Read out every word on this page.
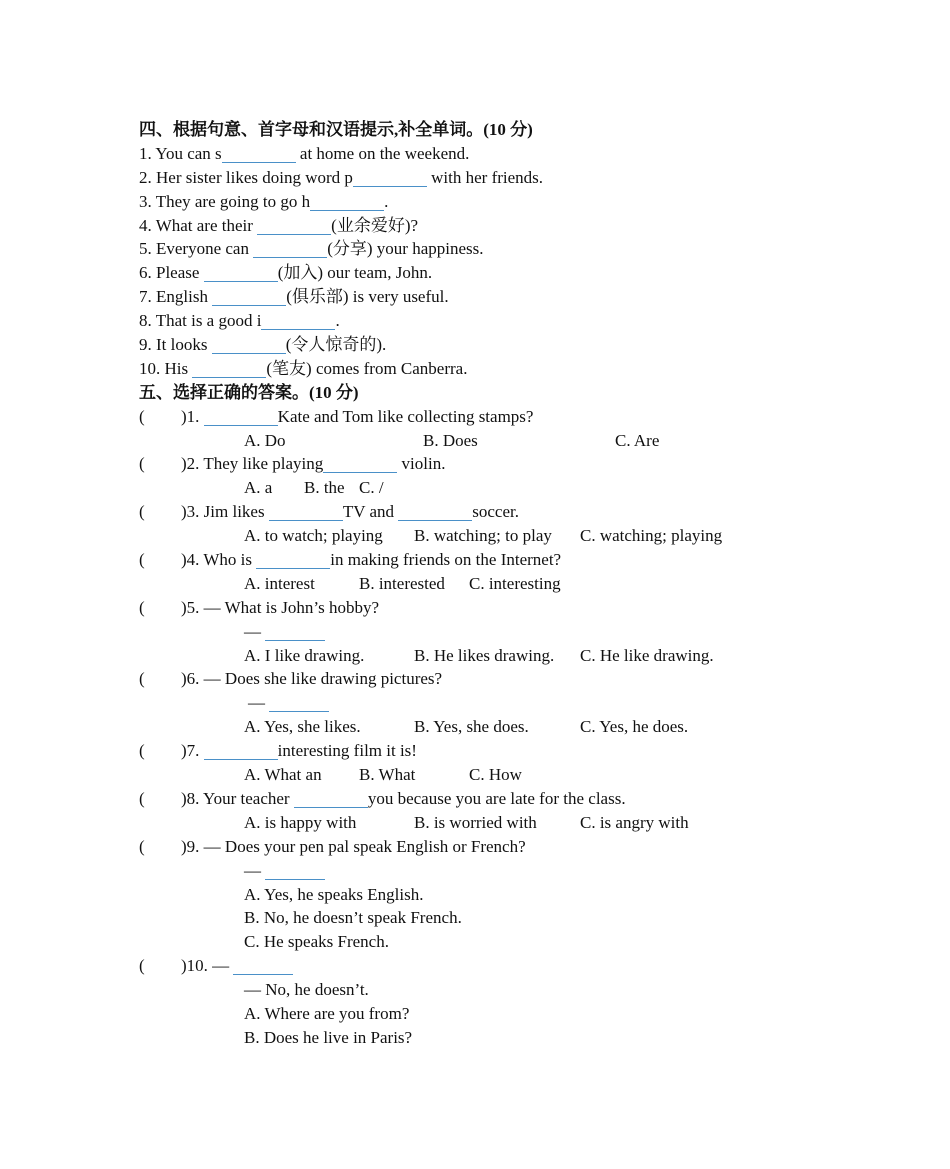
四、根据句意、首字母和汉语提示,补全单词。(10 分)
1. You can s	at home on the weekend.
2. Her sister likes doing word p	with her friends.
3. They are going to go h	.
4. What are their	(业余爱好)?
5. Everyone can	(分享) your happiness.
6. Please	(加入) our team, John.
7. English	(俱乐部) is very useful.
8. That is a good i	.
9. It looks	(令人惊奇的).
10. His	(笔友) comes from Canberra.
五、选择正确的答案。(10 分)
( )1.	Kate and Tom like collecting stamps?
A. Do	B. Does	C. Are
( )2. They like playing	violin.
A. a B. the C. /
( )3. Jim likes	TV and	soccer.
A. to watch; playing B. watching; to play C. watching; playing
( )4. Who is	in making friends on the Internet?
A. interest	B. interested C. interesting
( )5. — What is John’s hobby?
—
A. I like drawing.	B. He likes drawing. C. He like drawing.
( )6. — Does she like drawing pictures?
—
A. Yes, she likes.	B. Yes, she does.	C. Yes, he does.
( )7.	interesting film it is!
A. What an B. What	C. How
( )8. Your teacher	you because you are late for the class.
A. is happy with	B. is worried with	C. is angry with
( )9. — Does your pen pal speak English or French?
—
A. Yes, he speaks English.
B. No, he doesn’t speak French.
C. He speaks French.
( )10. —
— No, he doesn’t.
A. Where are you from?
B. Does he live in Paris?
